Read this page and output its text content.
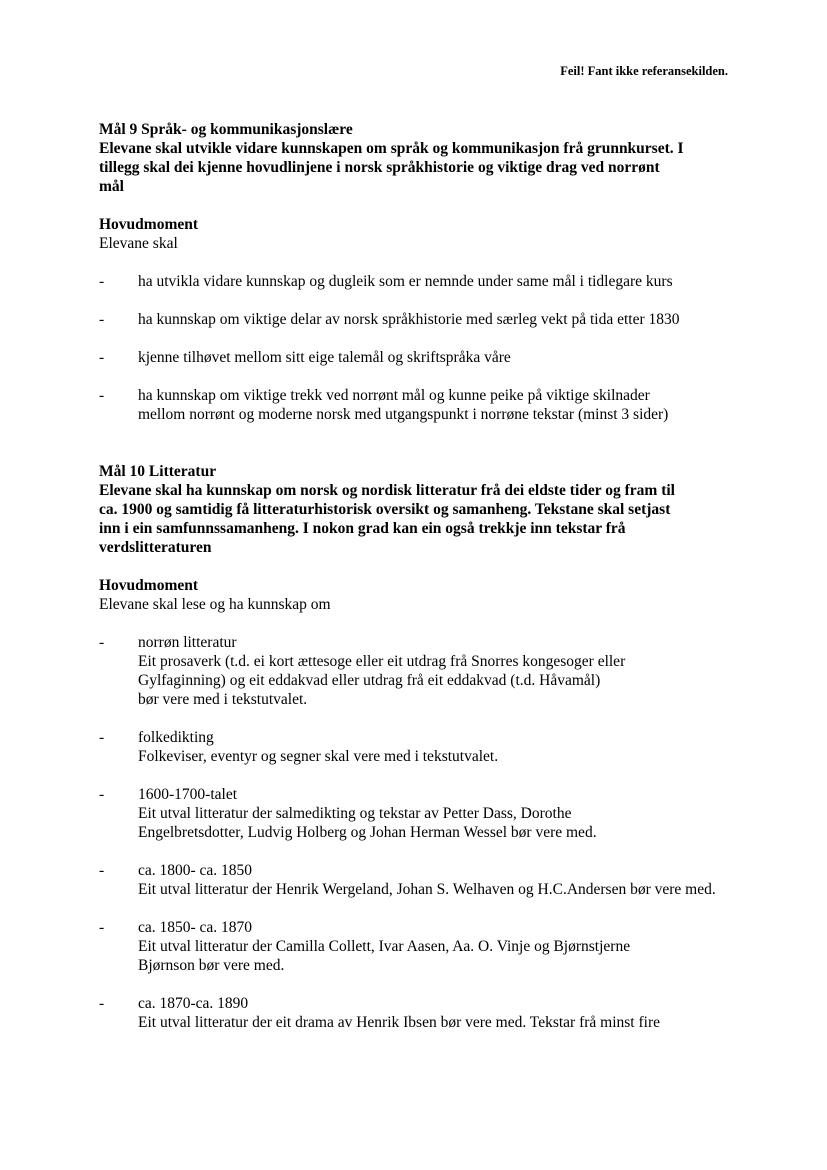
Feil! Fant ikke referansekilden.
Mål 9 Språk- og kommunikasjonslære
Elevane skal utvikle vidare kunnskapen om språk og kommunikasjon frå grunnkurset. I
tillegg skal dei kjenne hovudlinjene i norsk språkhistorie og viktige drag ved norrønt
mål
Hovudmoment
Elevane skal
- ha utvikla vidare kunnskap og dugleik som er nemnde under same mål i tidlegare kurs
- ha kunnskap om viktige delar av norsk språkhistorie med særleg vekt på tida etter 1830
- kjenne tilhøvet mellom sitt eige talemål og skriftspråka våre
- ha kunnskap om viktige trekk ved norrønt mål og kunne peike på viktige skilnader
mellom norrønt og moderne norsk med utgangspunkt i norrøne tekstar (minst 3 sider)
Mål 10 Litteratur
Elevane skal ha kunnskap om norsk og nordisk litteratur frå dei eldste tider og fram til
ca. 1900 og samtidig få litteraturhistorisk oversikt og samanheng. Tekstane skal setjast
inn i ein samfunnssamanheng. I nokon grad kan ein også trekkje inn tekstar frå
verdslitteraturen
Hovudmoment
Elevane skal lese og ha kunnskap om
-	norrøn litteratur
Eit prosaverk (t.d. ei kort ættesoge eller eit utdrag frå Snorres kongesoger eller
Gylfaginning) og eit eddakvad eller utdrag frå eit eddakvad (t.d. Håvamål)
bør vere med i tekstutvalet.
-	folkedikting
Folkeviser, eventyr og segner skal vere med i tekstutvalet.
-	1600-1700-talet
Eit utval litteratur der salmedikting og tekstar av Petter Dass, Dorothe
Engelbretsdotter, Ludvig Holberg og Johan Herman Wessel bør vere med.
-	ca. 1800- ca. 1850
Eit utval litteratur der Henrik Wergeland, Johan S. Welhaven og H.C.Andersen bør vere med.
-	ca. 1850- ca. 1870
Eit utval litteratur der Camilla Collett, Ivar Aasen, Aa. O. Vinje og Bjørnstjerne
Bjørnson bør vere med.
-	ca. 1870-ca. 1890
Eit utval litteratur der eit drama av Henrik Ibsen bør vere med. Tekstar frå minst fire
